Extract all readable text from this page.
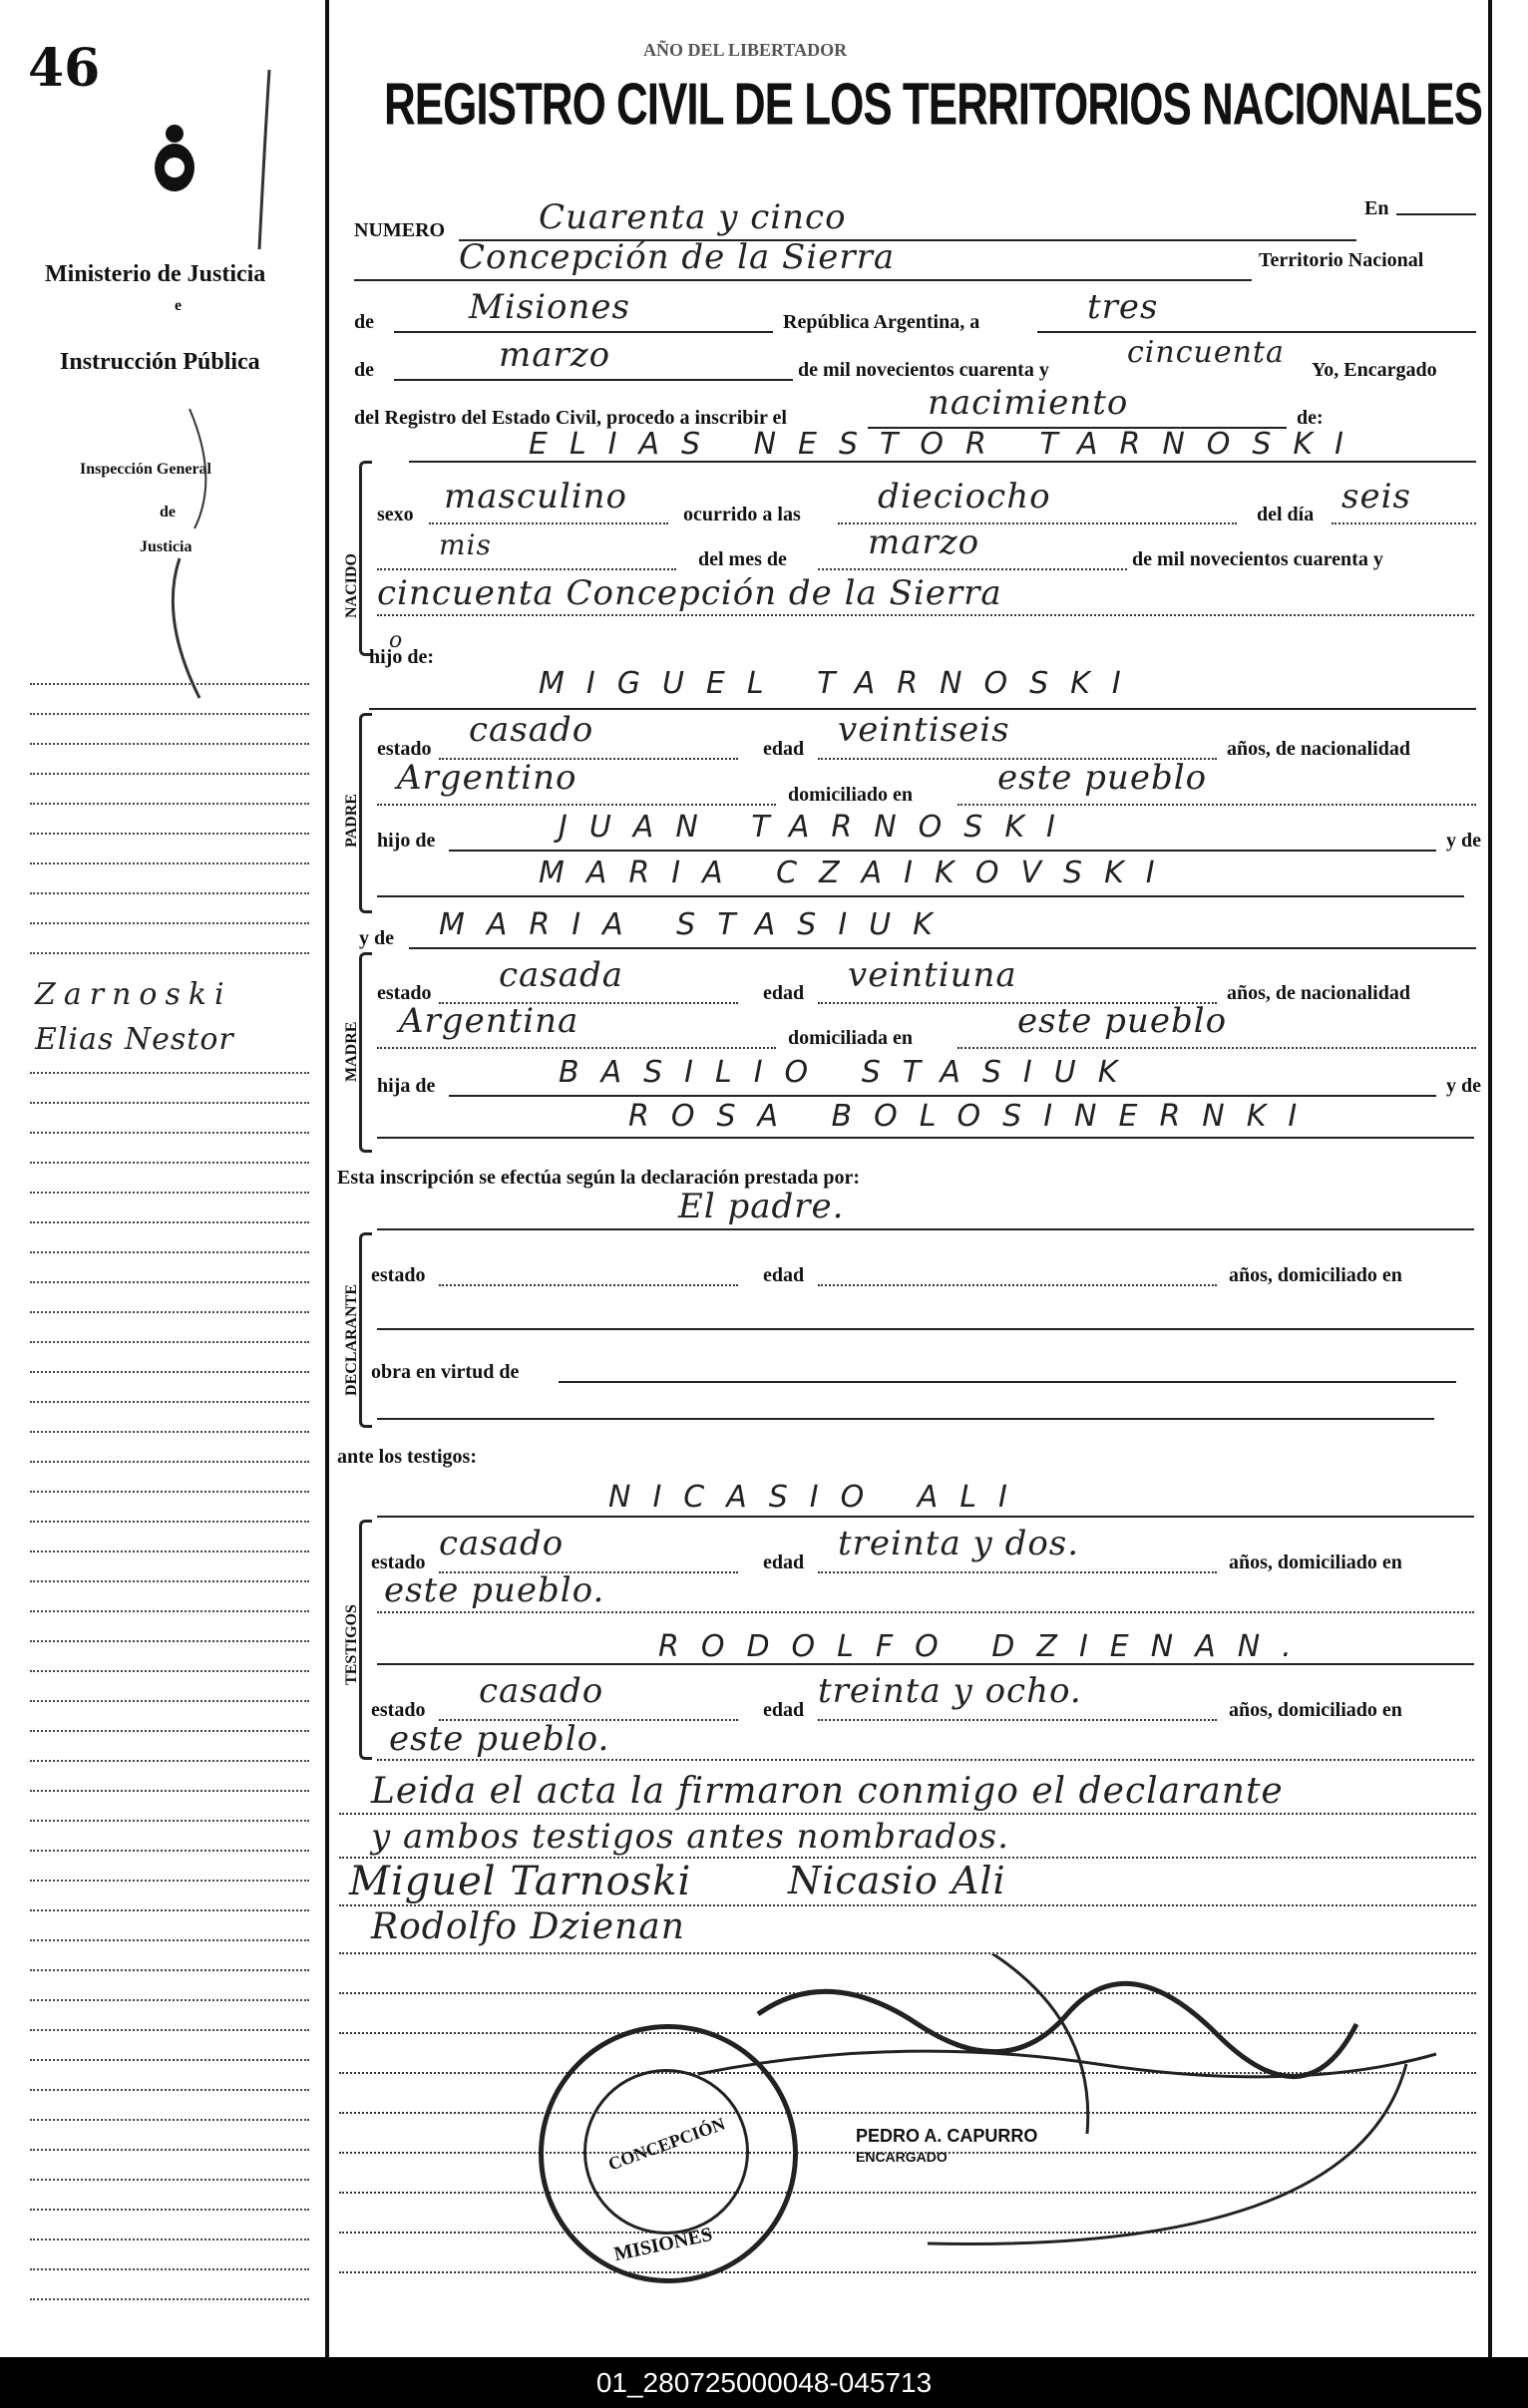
46
Ministerio de Justicia
e
Instrucción Pública
Inspección General
de
Justicia
Zarnoski
Elias Nestor
AÑO DEL LIBERTADOR
REGISTRO CIVIL DE LOS TERRITORIOS NACIONALES
NUMERO	Cuarenta y cinco	En
Concepción de la Sierra	Territorio Nacional
de	Misiones	República Argentina, a	tres
de	marzo	de mil novecientos cuarenta y	cincuenta Yo, Encargado
del Registro del Estado Civil, procedo a inscribir el	nacimiento	de:
NACIDO
ELIAS NESTOR TARNOSKI
sexo masculino	ocurrido a las dieciocho	del día seis
mis	del mes de marzo	de mil novecientos cuarenta y
cincuenta Concepción de la Sierra
hijo de:
o
MIGUEL TARNOSKI
PADRE
estado casado	edad veintiseis	años, de nacionalidad
Argentino	domiciliado en este pueblo
hijo de	JUAN TARNOSKI	y de
MARIA CZAIKOVSKI
y de MARIA STASIUK
MADRE
estado casada	edad veintiuna	años, de nacionalidad
Argentina	domiciliada en	este pueblo
hija de	BASILIO STASIUK	y de
ROSA BOLOSINERNKI
Esta inscripción se efectúa según la declaración prestada por:
El padre.
DECLARANTE
estado	edad	años, domiciliado en
obra en virtud de
ante los testigos:
NICASIO ALI
TESTIGOS
estado casado	edad treinta y dos.	años, domiciliado en
este pueblo.
RODOLFO DZIENAN.
estado casado	edad treinta y ocho.	años, domiciliado en
este pueblo.
Leida el acta la firmaron conmigo el declarante
y ambos testigos antes nombrados.
Miguel Tarnoski	Nicasio Ali
Rodolfo Dzienan
CONCEPCIÓN
MISIONES
PEDRO A. CAPURRO
ENCARGADO
01_280725000048-045713
